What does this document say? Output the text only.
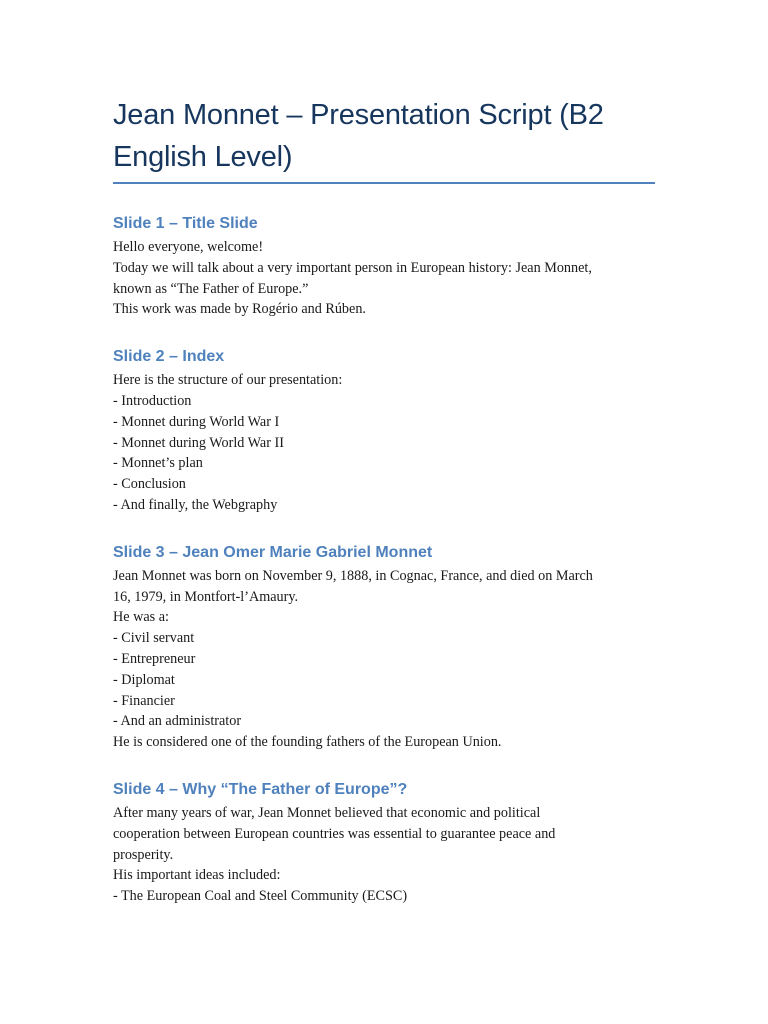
Jean Monnet – Presentation Script (B2 English Level)
Slide 1 – Title Slide

Hello everyone, welcome!

Today we will talk about a very important person in European history: Jean Monnet,

known as “The Father of Europe.”

This work was made by Rogério and Rúben.

Slide 2 – Index

Here is the structure of our presentation:

- Introduction

- Monnet during World War I

- Monnet during World War II

- Monnet’s plan

- Conclusion

- And finally, the Webgraphy

Slide 3 – Jean Omer Marie Gabriel Monnet

Jean Monnet was born on November 9, 1888, in Cognac, France, and died on March

16, 1979, in Montfort-l’Amaury.

He was a:

- Civil servant

- Entrepreneur

- Diplomat

- Financier

- And an administrator

He is considered one of the founding fathers of the European Union.

Slide 4 – Why “The Father of Europe”?

After many years of war, Jean Monnet believed that economic and political

cooperation between European countries was essential to guarantee peace and

prosperity.

His important ideas included:

- The European Coal and Steel Community (ECSC)
